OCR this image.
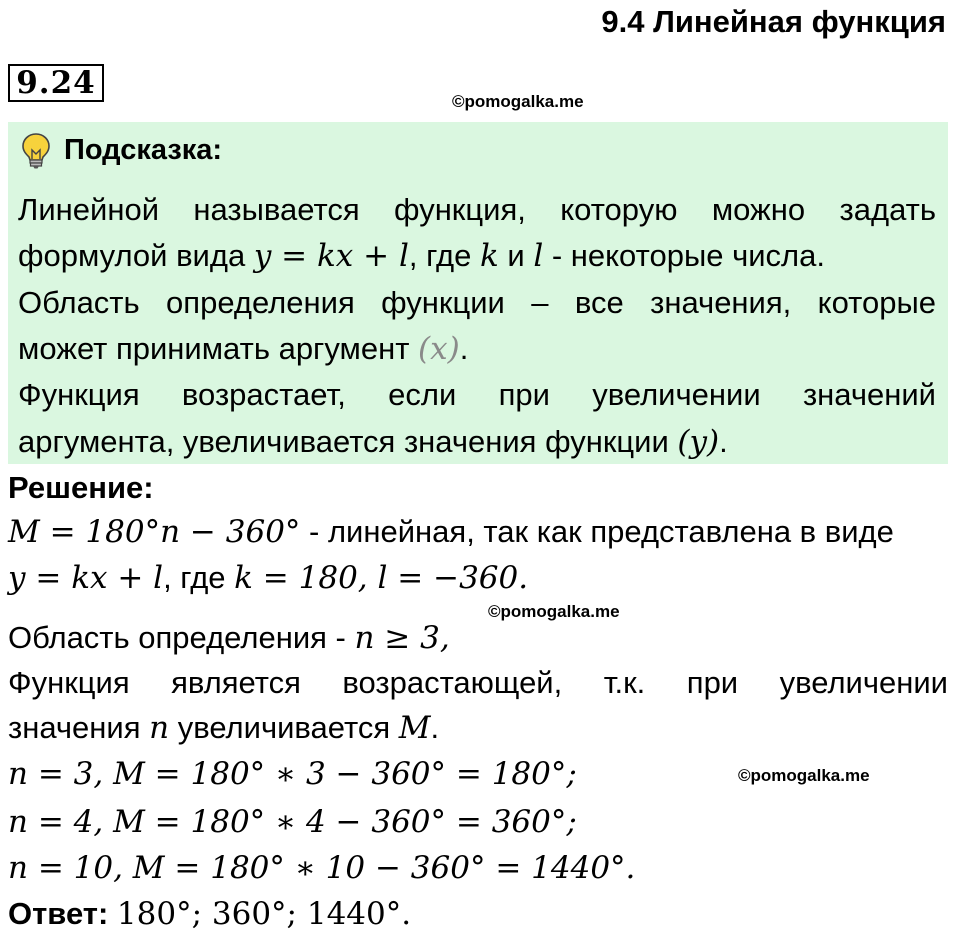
9.4 Линейная функция
9.24
©pomogalka.me
Подсказка:
Линейной называется функция, которую можно задать
формулой вида y = kx + l, где k и l - некоторые числа.
Область определения функции – все значения, которые
может принимать аргумент (x).
Функция возрастает, если при увеличении значений
аргумента, увеличивается значения функции (y).
Решение:
M = 180°n − 360° - линейная, так как представлена в виде
y = kx + l, где k = 180, l = −360.
©pomogalka.me
Область определения - n ≥ 3,
Функция является возрастающей, т.к. при увеличении
значения n увеличивается M.
n = 3, M = 180° ∗ 3 − 360° = 180°;	©pomogalka.me
n = 4, M = 180° ∗ 4 − 360° = 360°;
n = 10, M = 180° ∗ 10 − 360° = 1440°.
Ответ: 180°; 360°; 1440°.
